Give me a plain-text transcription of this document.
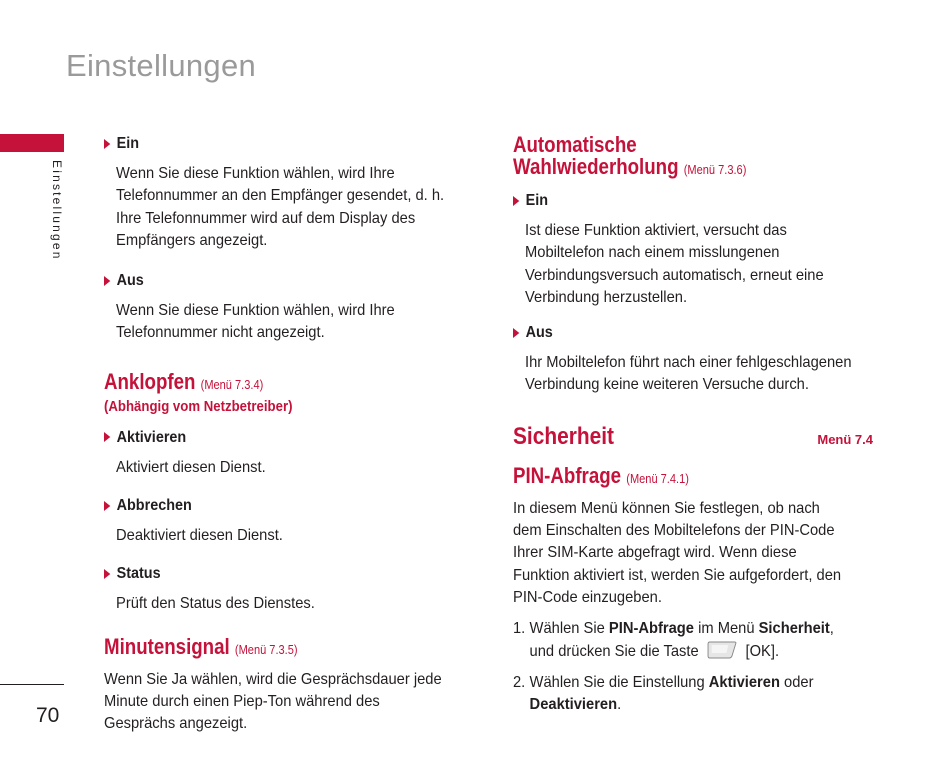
Einstellungen
Einstellungen
70
Ein
Wenn Sie diese Funktion wählen, wird Ihre Telefonnummer an den Empfänger gesendet, d. h. Ihre Telefonnummer wird auf dem Display des Empfängers angezeigt.
Aus
Wenn Sie diese Funktion wählen, wird Ihre Telefonnummer nicht angezeigt.
Anklopfen (Menü 7.3.4)
(Abhängig vom Netzbetreiber)
Aktivieren
Aktiviert diesen Dienst.
Abbrechen
Deaktiviert diesen Dienst.
Status
Prüft den Status des Dienstes.
Minutensignal (Menü 7.3.5)
Wenn Sie Ja wählen, wird die Gesprächsdauer jede Minute durch einen Piep-Ton während des Gesprächs angezeigt.
Automatische
Wahlwiederholung (Menü 7.3.6)
Ein
Ist diese Funktion aktiviert, versucht das Mobiltelefon nach einem misslungenen Verbindungsversuch automatisch, erneut eine Verbindung herzustellen.
Aus
Ihr Mobiltelefon führt nach einer fehlgeschlagenen Verbindung keine weiteren Versuche durch.
Sicherheit	Menü 7.4
PIN-Abfrage (Menü 7.4.1)
In diesem Menü können Sie festlegen, ob nach dem Einschalten des Mobiltelefons der PIN-Code Ihrer SIM-Karte abgefragt wird. Wenn diese Funktion aktiviert ist, werden Sie aufgefordert, den PIN-Code einzugeben.
1. Wählen Sie PIN-Abfrage im Menü Sicherheit, und drücken Sie die Taste	[OK].
2. Wählen Sie die Einstellung Aktivieren oder Deaktivieren.
